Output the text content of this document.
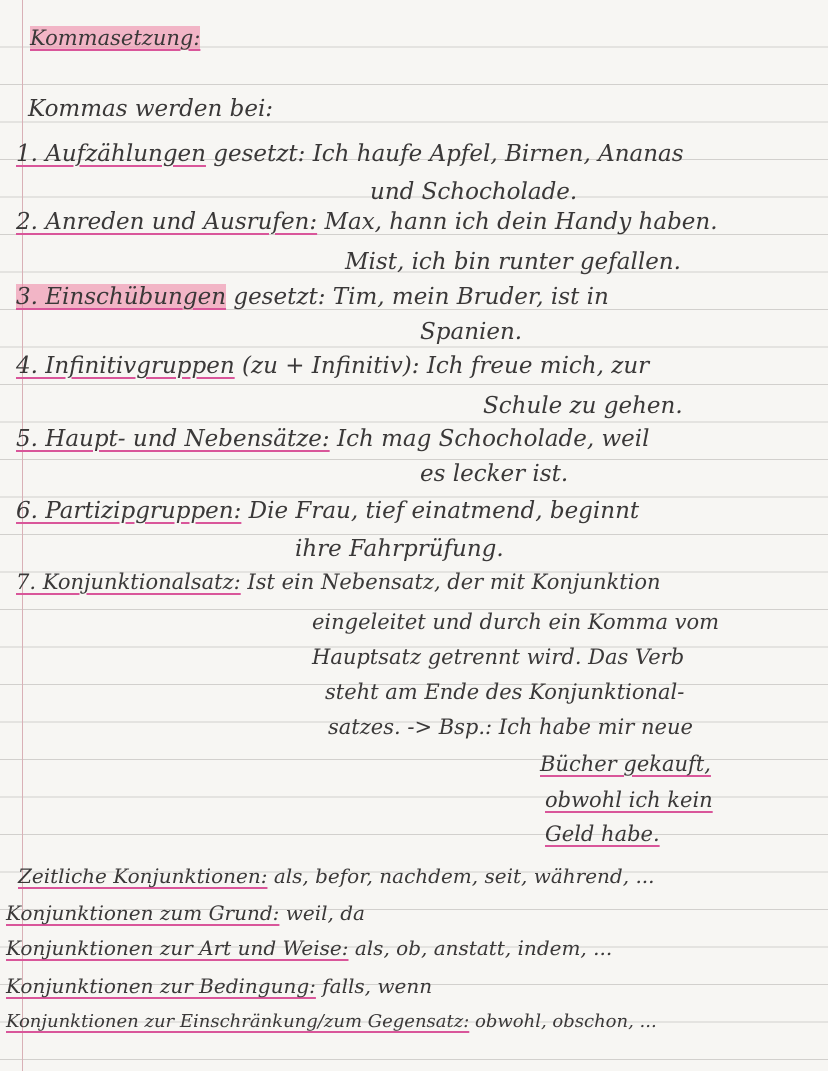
Kommasetzung:
Kommas werden bei:
1. Aufzählungen gesetzt: Ich haufe Apfel, Birnen, Ananas
und Schocholade.
2. Anreden und Ausrufen: Max, hann ich dein Handy haben.
Mist, ich bin runter gefallen.
3. Einschübungen gesetzt: Tim, mein Bruder, ist in
Spanien.
4. Infinitivgruppen (zu + Infinitiv): Ich freue mich, zur
Schule zu gehen.
5. Haupt- und Nebensätze: Ich mag Schocholade, weil
es lecker ist.
6. Partizipgruppen: Die Frau, tief einatmend, beginnt
ihre Fahrprüfung.
7. Konjunktionalsatz: Ist ein Nebensatz, der mit Konjunktion
eingeleitet und durch ein Komma vom
Hauptsatz getrennt wird. Das Verb
steht am Ende des Konjunktional-
satzes. -> Bsp.: Ich habe mir neue
Bücher gekauft,
obwohl ich kein
Geld habe.
Zeitliche Konjunktionen: als, befor, nachdem, seit, während, ...
Konjunktionen zum Grund: weil, da
Konjunktionen zur Art und Weise: als, ob, anstatt, indem, ...
Konjunktionen zur Bedingung: falls, wenn
Konjunktionen zur Einschränkung/zum Gegensatz: obwohl, obschon, ...
